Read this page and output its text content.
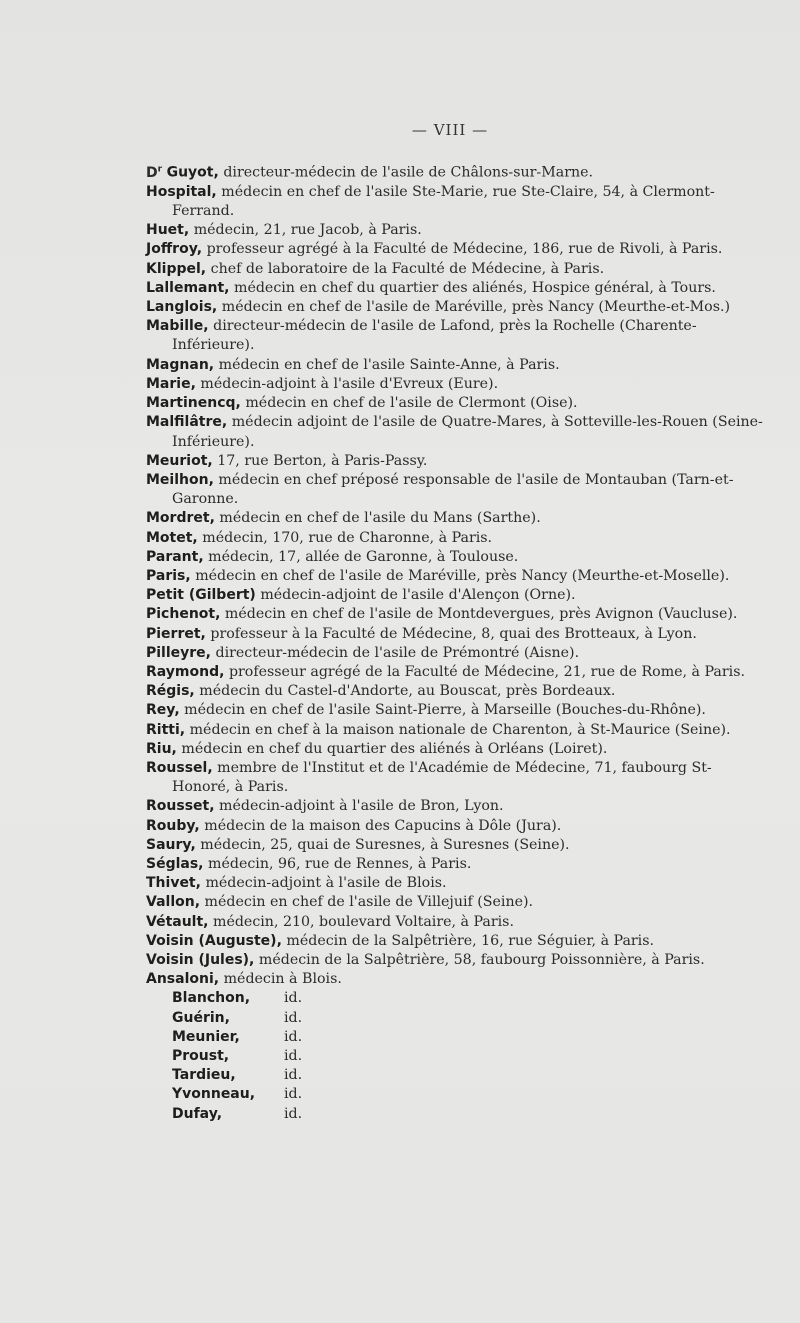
— VIII —

$D^r$ Guyot, directeur-médecin de l'asile de Châlons-sur-Marne.

Hospital, médecin en chef de l'asile Ste-Marie, rue Ste-Claire, 54, à Clermont-Ferrand.

Huet, médecin, 21, rue Jacob, à Paris.

Joffroy, professeur agrégé à la Faculté de Médecine, 186, rue de Rivoli, à Paris.

Klippel, chef de laboratoire de la Faculté de Médecine, à Paris.

Lallemant, médecin en chef du quartier des aliénés, Hospice général, à Tours.

Langlois, médecin en chef de l'asile de Maréville, près Nancy (Meurthe-et-Mos.)

Mabille, directeur-médecin de l'asile de Lafond, près la Rochelle (Charente-Inférieure).

Magnan, médecin en chef de l'asile Sainte-Anne, à Paris.

Marie, médecin-adjoint à l'asile d'Evreux (Eure).

Martinencq, médecin en chef de l'asile de Clermont (Oise).

Malfilâtre, médecin adjoint de l'asile de Quatre-Mares, à Sotteville-les-Rouen (Seine-Inférieure).

Meuriot, 17, rue Berton, à Paris-Passy.

Meilhon, médecin en chef préposé responsable de l'asile de Montauban (Tarn-et-Garonne.

Mordret, médecin en chef de l'asile du Mans (Sarthe).

Motet, médecin, 170, rue de Charonne, à Paris.

Parant, médecin, 17, allée de Garonne, à Toulouse.

Paris, médecin en chef de l'asile de Maréville, près Nancy (Meurthe-et-Moselle).

Petit (Gilbert) médecin-adjoint de l'asile d'Alençon (Orne).

Pichenot, médecin en chef de l'asile de Montdevergues, près Avignon (Vaucluse).

Pierret, professeur à la Faculté de Médecine, 8, quai des Brotteaux, à Lyon.

Pilleyre, directeur-médecin de l'asile de Prémontré (Aisne).

Raymond, professeur agrégé de la Faculté de Médecine, 21, rue de Rome, à Paris.

Régis, médecin du Castel-d'Andorte, au Bouscat, près Bordeaux.

Rey, médecin en chef de l'asile Saint-Pierre, à Marseille (Bouches-du-Rhône).

Ritti, médecin en chef à la maison nationale de Charenton, à St-Maurice (Seine).

Riu, médecin en chef du quartier des aliénés à Orléans (Loiret).

Roussel, membre de l'Institut et de l'Académie de Médecine, 71, faubourg St-Honoré, à Paris.

Rousset, médecin-adjoint à l'asile de Bron, Lyon.

Rouby, médecin de la maison des Capucins à Dôle (Jura).

Saury, médecin, 25, quai de Suresnes, à Suresnes (Seine).

Séglas, médecin, 96, rue de Rennes, à Paris.

Thivet, médecin-adjoint à l'asile de Blois.

Vallon, médecin en chef de l'asile de Villejuif (Seine).

Vétault, médecin, 210, boulevard Voltaire, à Paris.

Voisin (Auguste), médecin de la Salpêtrière, 16, rue Séguier, à Paris.

Voisin (Jules), médecin de la Salpêtrière, 58, faubourg Poissonnière, à Paris.

Ansaloni, médecin à Blois.

Blanchon,	id.
Guérin,	id.
Meunier,	id.
Proust,	id.
Tardieu,	id.
Yvonneau,	id.
Dufay,	id.
